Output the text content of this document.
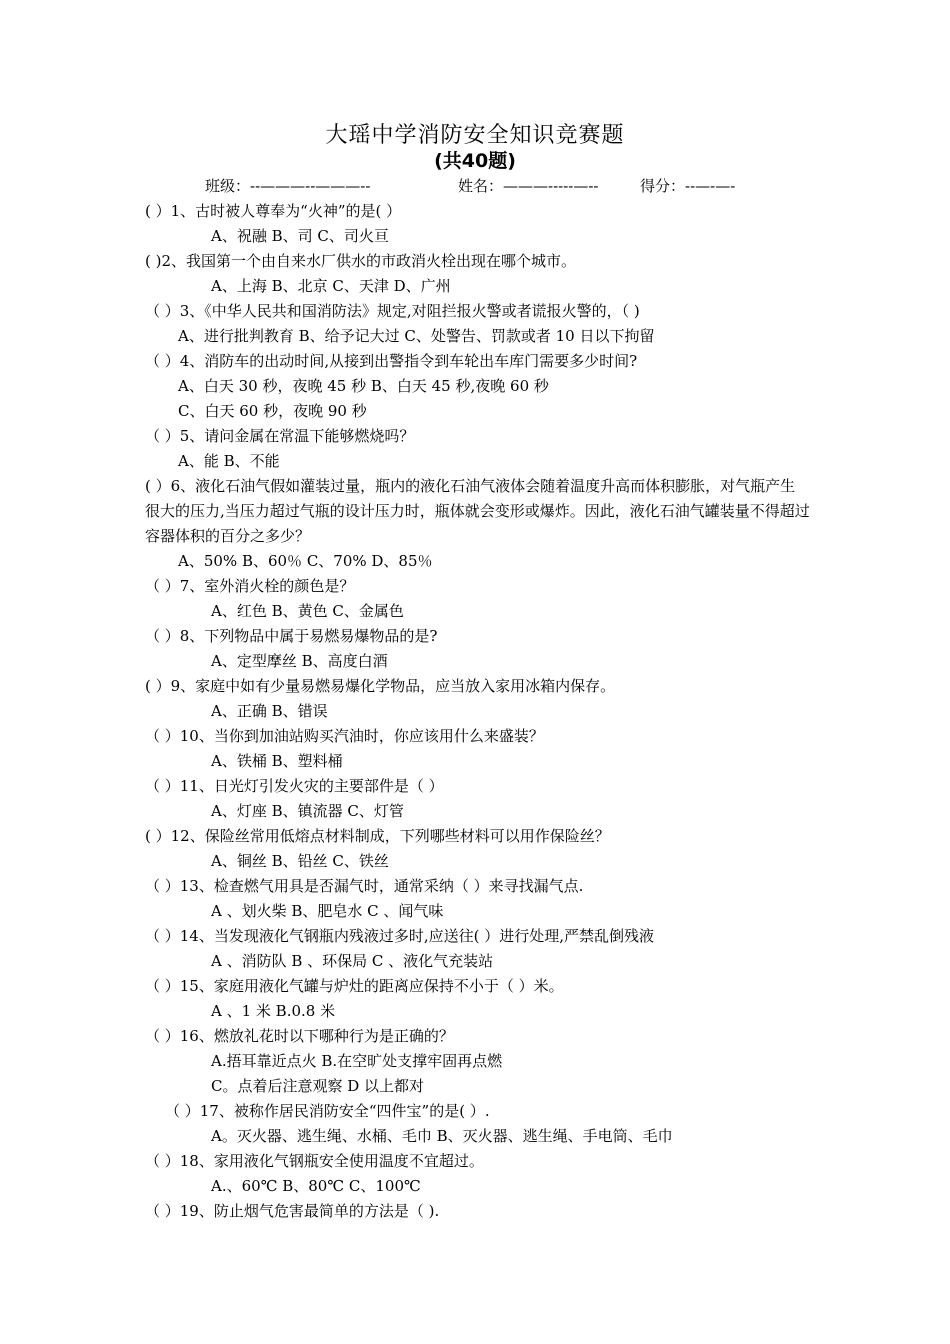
大瑶中学消防安全知识竞赛题
(共40题)
班级：--———--———--	姓名：———-----—--	得分：--—-—-
( ）1、古时被人尊奉为“火神”的是( ）
A、祝融 B、司 C、司火亘
( )2、我国第一个由自来水厂供水的市政消火栓出现在哪个城市。
A、上海 B、北京 C、天津 D、广州
（ ）3、《中华人民共和国消防法》规定,对阻拦报火警或者谎报火警的，（ )
A、进行批判教育 B、给予记大过 C、处警告、罚款或者 10 日以下拘留
（ ）4、消防车的出动时间,从接到出警指令到车轮出车库门需要多少时间?
A、白天 30 秒，夜晚 45 秒 B、白天 45 秒,夜晚 60 秒
C、白天 60 秒，夜晚 90 秒
（ ）5、请问金属在常温下能够燃烧吗？
A、能 B、不能
( ）6、液化石油气假如灌装过量，瓶内的液化石油气液体会随着温度升高而体积膨胀，对气瓶产生很大的压力,当压力超过气瓶的设计压力时，瓶体就会变形或爆炸。因此，液化石油气罐装量不得超过容器体积的百分之多少？
A、50% B、60％ C、70% D、85％
（ ）7、室外消火栓的颜色是？
A、红色 B、黄色 C、金属色
（ ）8、下列物品中属于易燃易爆物品的是?
A、定型摩丝 B、高度白酒
( ）9、家庭中如有少量易燃易爆化学物品，应当放入家用冰箱内保存。
A、正确 B、错误
（ ）10、当你到加油站购买汽油时，你应该用什么来盛装？
A、铁桶 B、塑料桶
（ ）11、日光灯引发火灾的主要部件是（ ）
A、灯座 B、镇流器 C、灯管
( ）12、保险丝常用低熔点材料制成，下列哪些材料可以用作保险丝？
A、铜丝 B、铅丝 C、铁丝
（ ）13、检查燃气用具是否漏气时，通常采纳（ ）来寻找漏气点.
A 、划火柴 B、肥皂水 C 、闻气味
（ ）14、当发现液化气钢瓶内残液过多时,应送往( ）进行处理,严禁乱倒残液
A 、消防队 B 、环保局 C 、液化气充装站
（ ）15、家庭用液化气罐与炉灶的距离应保持不小于（ ）米。
A 、1 米 B.0.8 米
（ ）16、燃放礼花时以下哪种行为是正确的？
A.捂耳靠近点火 B.在空旷处支撑牢固再点燃
C。点着后注意观察 D 以上都对
（ ）17、被称作居民消防安全“四件宝”的是( ）.
A。灭火器、逃生绳、水桶、毛巾 B、灭火器、逃生绳、手电筒、毛巾
（ ）18、家用液化气钢瓶安全使用温度不宜超过。
A.、60℃ B、80℃ C、100℃
（ ）19、防止烟气危害最简单的方法是（ ).
